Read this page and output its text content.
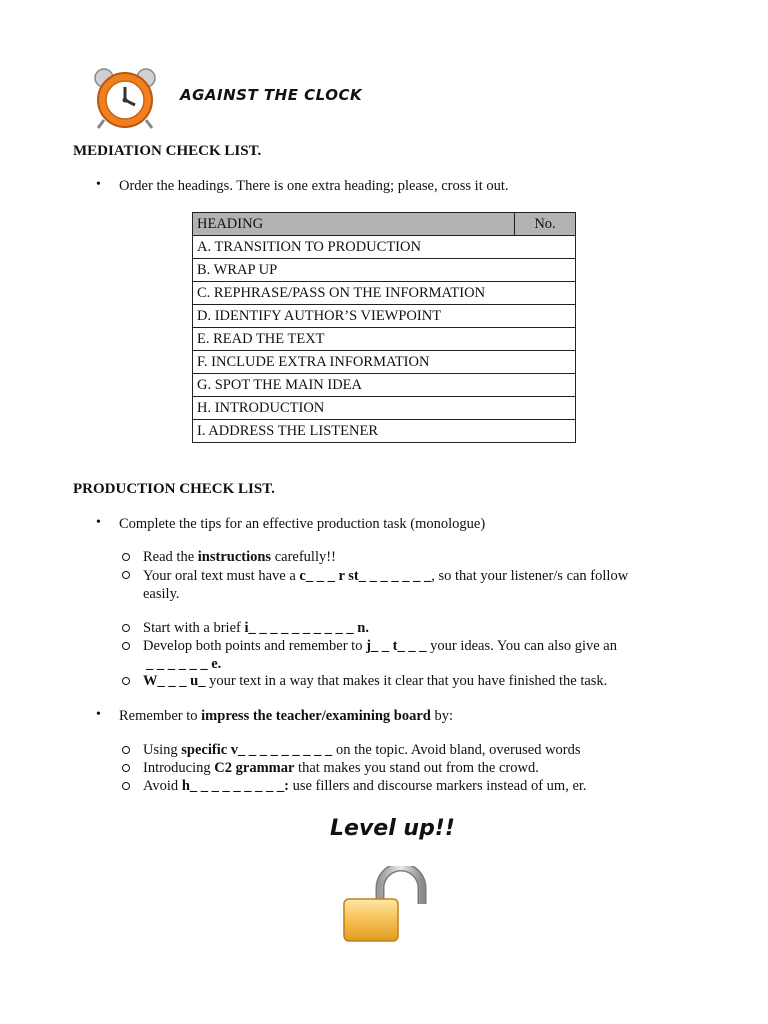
AGAINST THE CLOCK
MEDIATION CHECK LIST.
• Order the headings. There is one extra heading; please, cross it out.
HEADING	No.
A. TRANSITION TO PRODUCTION
B. WRAP UP
C. REPHRASE/PASS ON THE INFORMATION
D. IDENTIFY AUTHOR’S VIEWPOINT
E. READ THE TEXT
F. INCLUDE EXTRA INFORMATION
G. SPOT THE MAIN IDEA
H. INTRODUCTION
I. ADDRESS THE LISTENER
PRODUCTION CHECK LIST.
• Complete the tips for an effective production task (monologue)
Read the instructions carefully!!
Your oral text must have a c_ _ _ r st_ _ _ _ _ _ _, so that your listener/s can follow
easily.
Start with a brief i_ _ _ _ _ _ _ _ _ _ n.
Develop both points and remember to j_ _ t_ _ _ your ideas. You can also give an
_ _ _ _ _ _ e.
W_ _ _ u_ your text in a way that makes it clear that you have finished the task.
• Remember to impress the teacher/examining board by:
Using specific v_ _ _ _ _ _ _ _ _ on the topic. Avoid bland, overused words
Introducing C2 grammar that makes you stand out from the crowd.
Avoid h_ _ _ _ _ _ _ _ _: use fillers and discourse markers instead of um, er.
Level up!!
